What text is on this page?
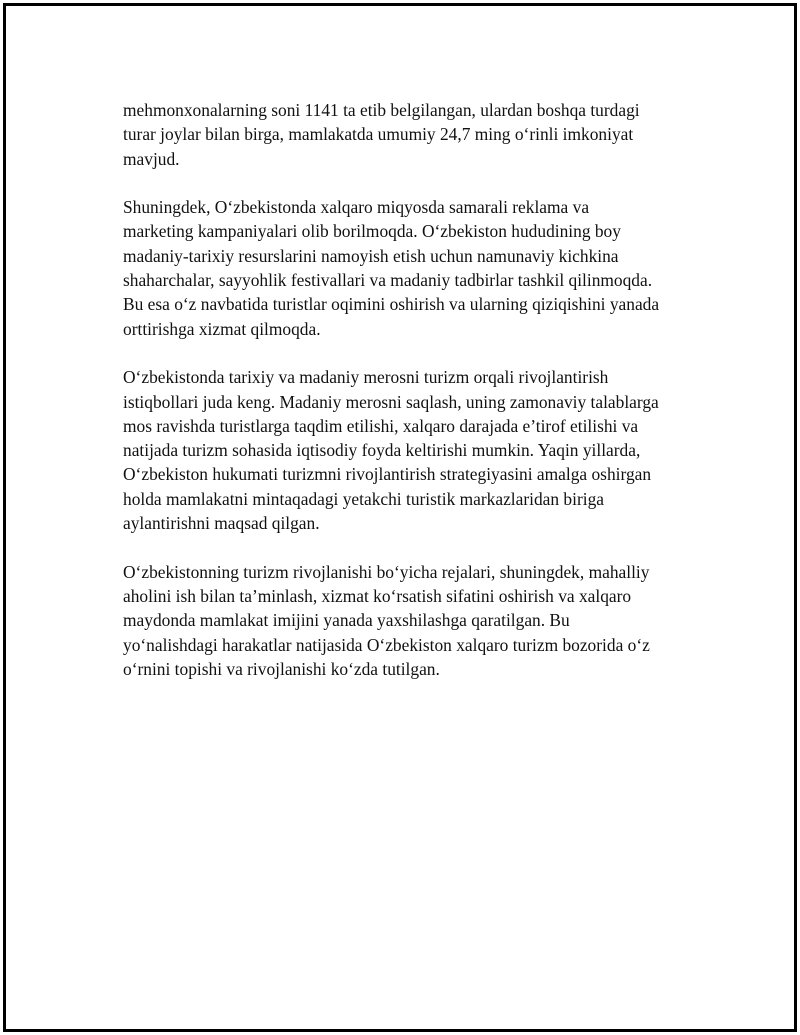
mehmonxonalarning soni 1141 ta etib belgilangan, ulardan boshqa turdagi
turar joylar bilan birga, mamlakatda umumiy 24,7 ming o‘rinli imkoniyat
mavjud.

Shuningdek, O‘zbekistonda xalqaro miqyosda samarali reklama va
marketing kampaniyalari olib borilmoqda. O‘zbekiston hududining boy
madaniy-tarixiy resurslarini namoyish etish uchun namunaviy kichkina
shaharchalar, sayyohlik festivallari va madaniy tadbirlar tashkil qilinmoqda.
Bu esa o‘z navbatida turistlar oqimini oshirish va ularning qiziqishini yanada
orttirishga xizmat qilmoqda.

O‘zbekistonda tarixiy va madaniy merosni turizm orqali rivojlantirish
istiqbollari juda keng. Madaniy merosni saqlash, uning zamonaviy talablarga
mos ravishda turistlarga taqdim etilishi, xalqaro darajada e’tirof etilishi va
natijada turizm sohasida iqtisodiy foyda keltirishi mumkin. Yaqin yillarda,
O‘zbekiston hukumati turizmni rivojlantirish strategiyasini amalga oshirgan
holda mamlakatni mintaqadagi yetakchi turistik markazlaridan biriga
aylantirishni maqsad qilgan.

O‘zbekistonning turizm rivojlanishi bo‘yicha rejalari, shuningdek, mahalliy
aholini ish bilan ta’minlash, xizmat ko‘rsatish sifatini oshirish va xalqaro
maydonda mamlakat imijini yanada yaxshilashga qaratilgan. Bu
yo‘nalishdagi harakatlar natijasida O‘zbekiston xalqaro turizm bozorida o‘z
o‘rnini topishi va rivojlanishi ko‘zda tutilgan.
